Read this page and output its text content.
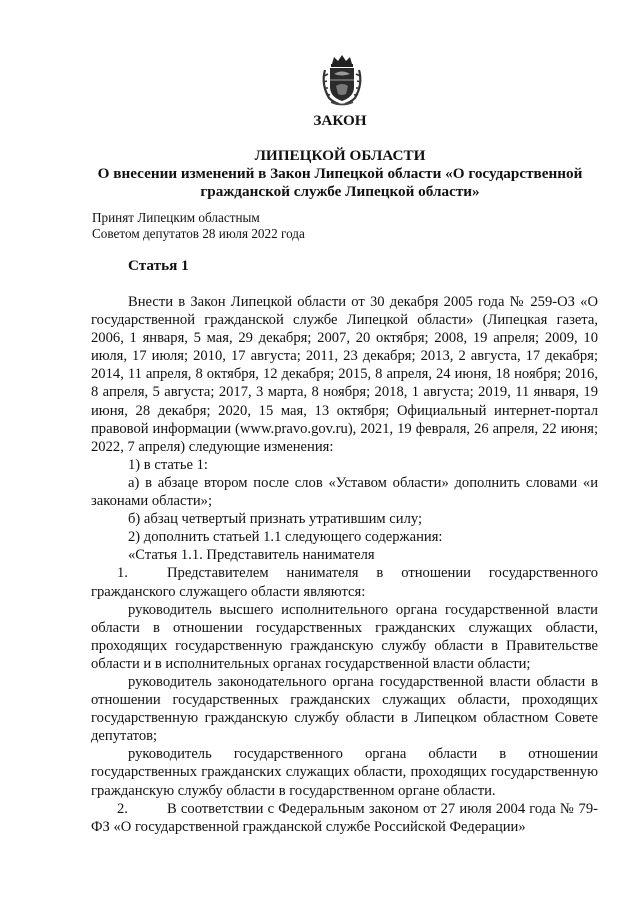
ЗАКОН
ЛИПЕЦКОЙ ОБЛАСТИ
О внесении изменений в Закон Липецкой области «О государственной
гражданской службе Липецкой области»
Принят Липецким областным
Советом депутатов 28 июля 2022 года
Статья 1

Внести в Закон Липецкой области от 30 декабря 2005 года № 259-ОЗ «О государственной гражданской службе Липецкой области» (Липецкая газета, 2006, 1 января, 5 мая, 29 декабря; 2007, 20 октября; 2008, 19 апреля; 2009, 10 июля, 17 июля; 2010, 17 августа; 2011, 23 декабря; 2013, 2 августа, 17 декабря; 2014, 11 апреля, 8 октября, 12 декабря; 2015, 8 апреля, 24 июня, 18 ноября; 2016, 8 апреля, 5 августа; 2017, 3 марта, 8 ноября; 2018, 1 августа; 2019, 11 января, 19 июня, 28 декабря; 2020, 15 мая, 13 октября; Официальный интернет-портал правовой информации (www.pravo.gov.ru), 2021, 19 февраля, 26 апреля, 22 июня; 2022, 7 апреля) следующие изменения:

1) в статье 1:

а) в абзаце втором после слов «Уставом области» дополнить словами «и законами области»;

б) абзац четвертый признать утратившим силу;

2) дополнить статьей 1.1 следующего содержания:

«Статья 1.1. Представитель нанимателя

1.	Представителем нанимателя в отношении государственного гражданского служащего области являются:

руководитель высшего исполнительного органа государственной власти области в отношении государственных гражданских служащих области, проходящих государственную гражданскую службу области в Правительстве области и в исполнительных органах государственной власти области;

руководитель законодательного органа государственной власти области в отношении государственных гражданских служащих области, проходящих государственную гражданскую службу области в Липецком областном Совете депутатов;

руководитель государственного органа области в отношении государственных гражданских служащих области, проходящих государственную гражданскую службу области в государственном органе области.

2.	В соответствии с Федеральным законом от 27 июля 2004 года № 79-ФЗ «О государственной гражданской службе Российской Федерации»
